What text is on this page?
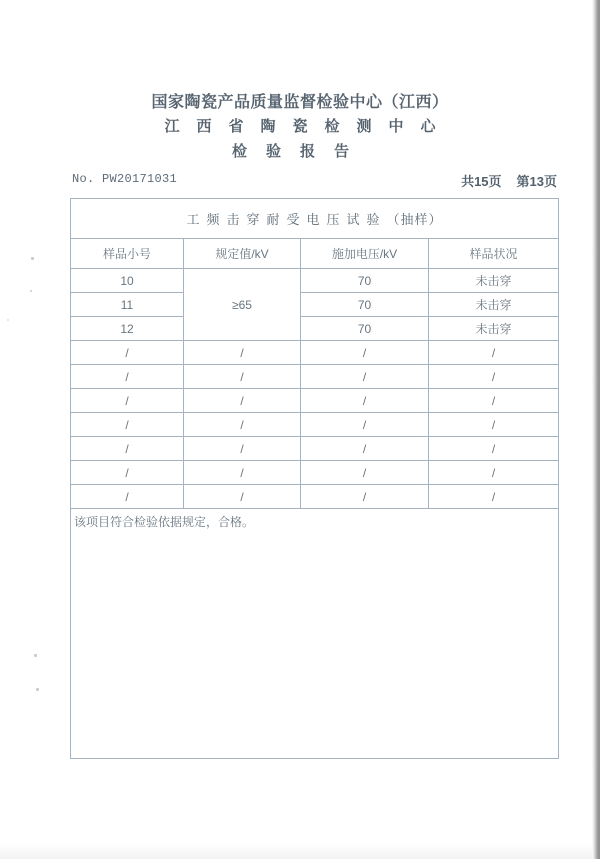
国家陶瓷产品质量监督检验中心（江西）
江西省陶瓷检测中心
检验报告
No. PW20171031	共15页 第13页
工频击穿耐受电压试验（抽样）			
样品小号	规定值/kV	施加电压/kV	样品状况
10	≥65	70	未击穿
11		70	未击穿
12		70	未击穿
/	/	/	/
/	/	/	/
/	/	/	/
/	/	/	/
/	/	/	/
/	/	/	/
/	/	/	/
该项目符合检验依据规定，合格。			
